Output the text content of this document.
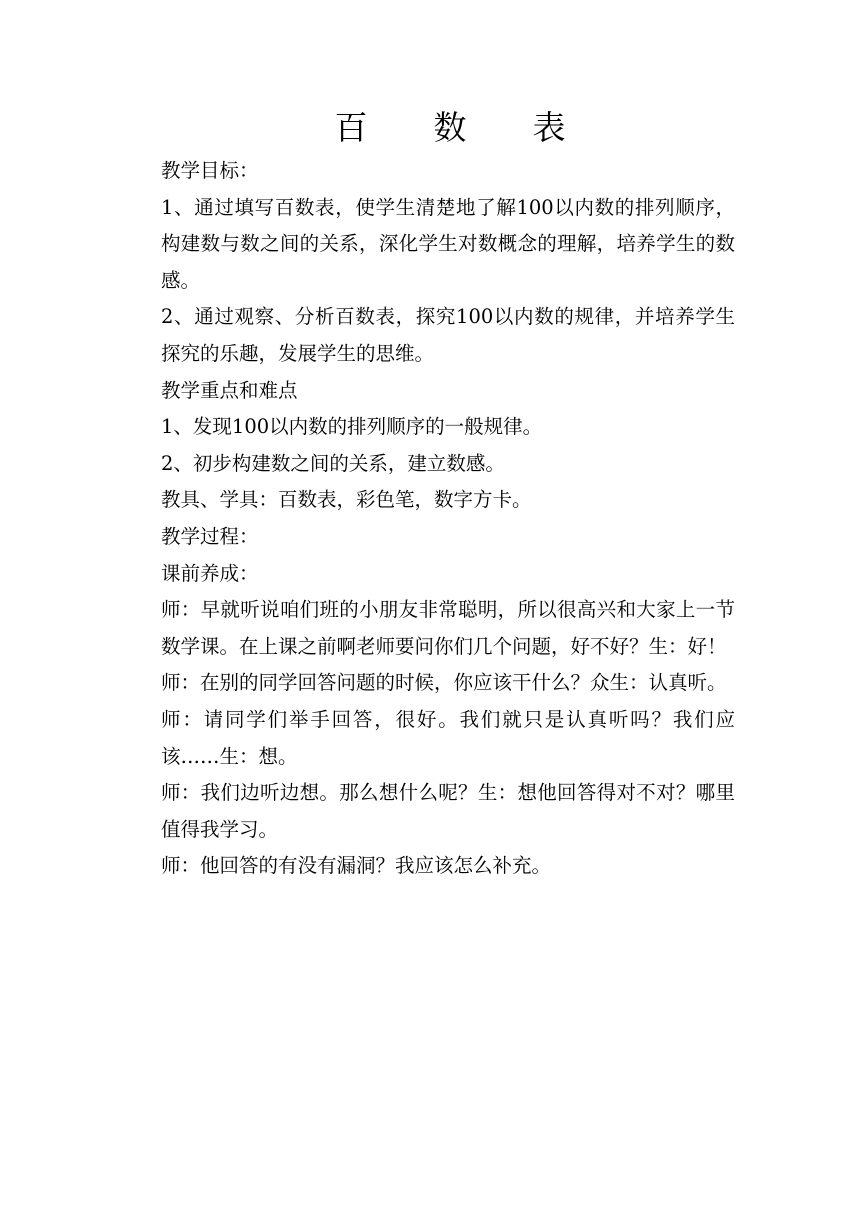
百　　数　　表

教学目标：

1、通过填写百数表，使学生清楚地了解100以内数的排列顺序，构建数与数之间的关系，深化学生对数概念的理解，培养学生的数感。

2、通过观察、分析百数表，探究100以内数的规律，并培养学生探究的乐趣，发展学生的思维。

教学重点和难点

1、发现100以内数的排列顺序的一般规律。

2、初步构建数之间的关系，建立数感。

教具、学具：百数表，彩色笔，数字方卡。

教学过程：

课前养成：

师：早就听说咱们班的小朋友非常聪明，所以很高兴和大家上一节数学课。在上课之前啊老师要问你们几个问题，好不好？生：好！

师：在别的同学回答问题的时候，你应该干什么？众生：认真听。

师：请同学们举手回答，很好。我们就只是认真听吗？我们应该……生：想。

师：我们边听边想。那么想什么呢？生：想他回答得对不对？哪里值得我学习。

师：他回答的有没有漏洞？我应该怎么补充。
